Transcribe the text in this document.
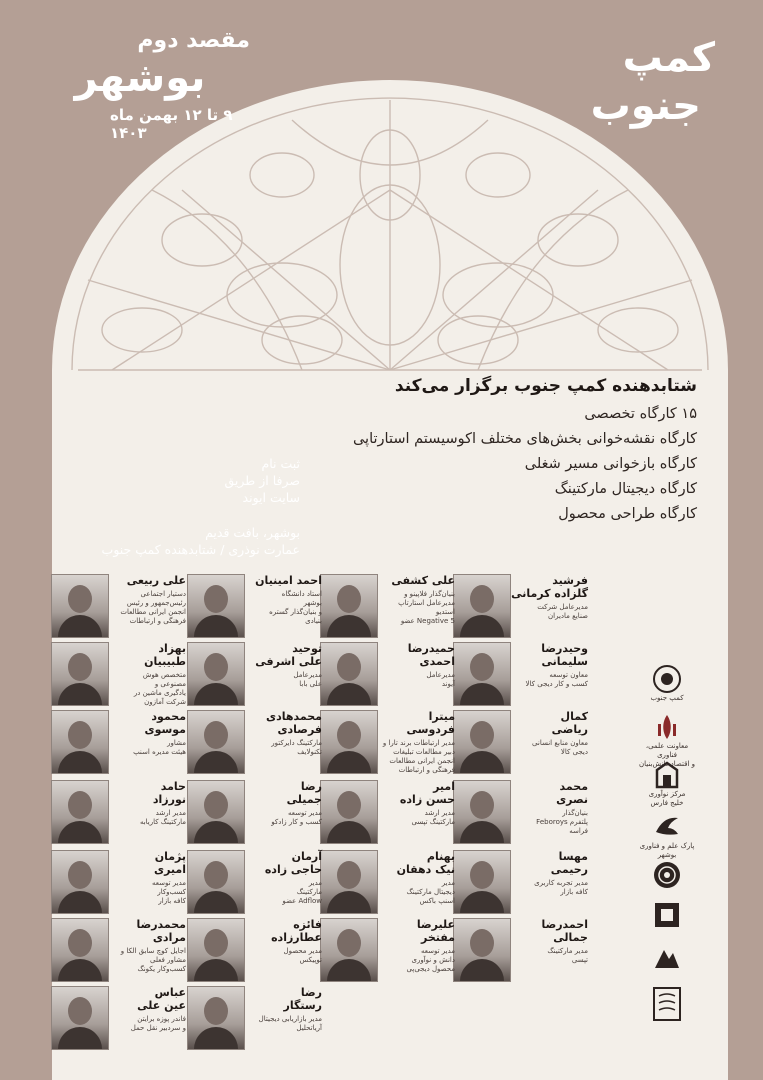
کمپ
جنوب
مقصد دوم
بوشهر
۹ تا ۱۲ بهمن ماه ۱۴۰۳
شتابدهنده کمپ جنوب برگزار می‌کند
۱۵ کارگاه تخصصی
کارگاه نقشه‌خوانی بخش‌های مختلف اکوسیستم استارتاپی
کارگاه بازخوانی مسیر شغلی
کارگاه دیجیتال مارکتینگ
کارگاه طراحی محصول
ثبت نام
صرفا از طریق
سایت ایوند
بوشهر، بافت قدیم
عمارت نوذری / شتابدهنده کمپ جنوب
فرشید
گلزاده کرمانی
مدیرعامل شرکت
صنایع مادیران
علی کشفی
بنیان‌گذار فلاپینو و
مدیرعامل استارتاپ
استدیو
Negative 5 عضو
احمد امینیان
استاد دانشگاه
بوشهر
و بنیان‌گذار گستره
بنیادی
علی ربیعی
دستیار اجتماعی
رئیس‌جمهور و رئیس
انجمن ایرانی مطالعات
فرهنگی و ارتباطات
وحیدرضا
سلیمانی
معاون توسعه
کسب و کار دیجی کالا
حمیدرضا
احمدی
مدیرعامل
آیوند
توحید
علی اشرفی
مدیرعامل
علی بابا
بهزاد
طبیبیان
متخصص هوش
مصنوعی و
یادگیری ماشین در
شرکت آمازون
کمال
ریاضی
معاون منابع انسانی
دیجی کالا
میترا
فردوسی
مدیر ارتباطات برند تارا و
دبیر مطالعات تبلیغات
انجمن ایرانی مطالعات
فرهنگی و ارتباطات
محمدهادی
فرصادی
مارکتینگ دایرکتور
تکنولایف
محمود
موسوی
مشاور
هیئت مدیره اسنپ
محمد
نصری
بنیان‌گذار
پلتفرم Feboroys
فراسه
امیر
حسن زاده
مدیر ارشد
مارکتینگ تپسی
رضا
جمیلی
مدیر توسعه
کسب و کار زادکو
حامد
نورزاد
مدیر ارشد
مارکتینگ کاریابه
مهسا
رحیمی
مدیر تجربه کاربری
کافه بازار
بهنام
نیک دهقان
مدیر
دیجیتال مارکتینگ
اسنپ باکس
آرمان
حاجی زاده
مدیر
مارکتینگ
Adflow عضو
پژمان
امیری
مدیر توسعه
کسب‌وکار
کافه بازار
احمدرضا
جمالی
مدیر مارکتینگ
تپسی
علیرضا
مفتخر
مدیر توسعه
دانش و نوآوری
محصول دیجی‌پی
فائزه
عطارزاده
مدیر محصول
توپیکس
محمدرضا
مرادی
اجایل کوچ سابق الکا و
مشاور فعلی
کسب‌وکار یکونگ
رضا
رستگار
مدیر بازاریابی دیجیتال
آریاتحلیل
عباس
عین علی
فاندر پوزه برایتن
و سردبیر نقل حمل
کمپ جنوب
معاونت علمی، فناوری
و اقتصاد دانش‌بنیان
مرکز نوآوری
خلیج فارس
پارک علم و فناوری
بوشهر
